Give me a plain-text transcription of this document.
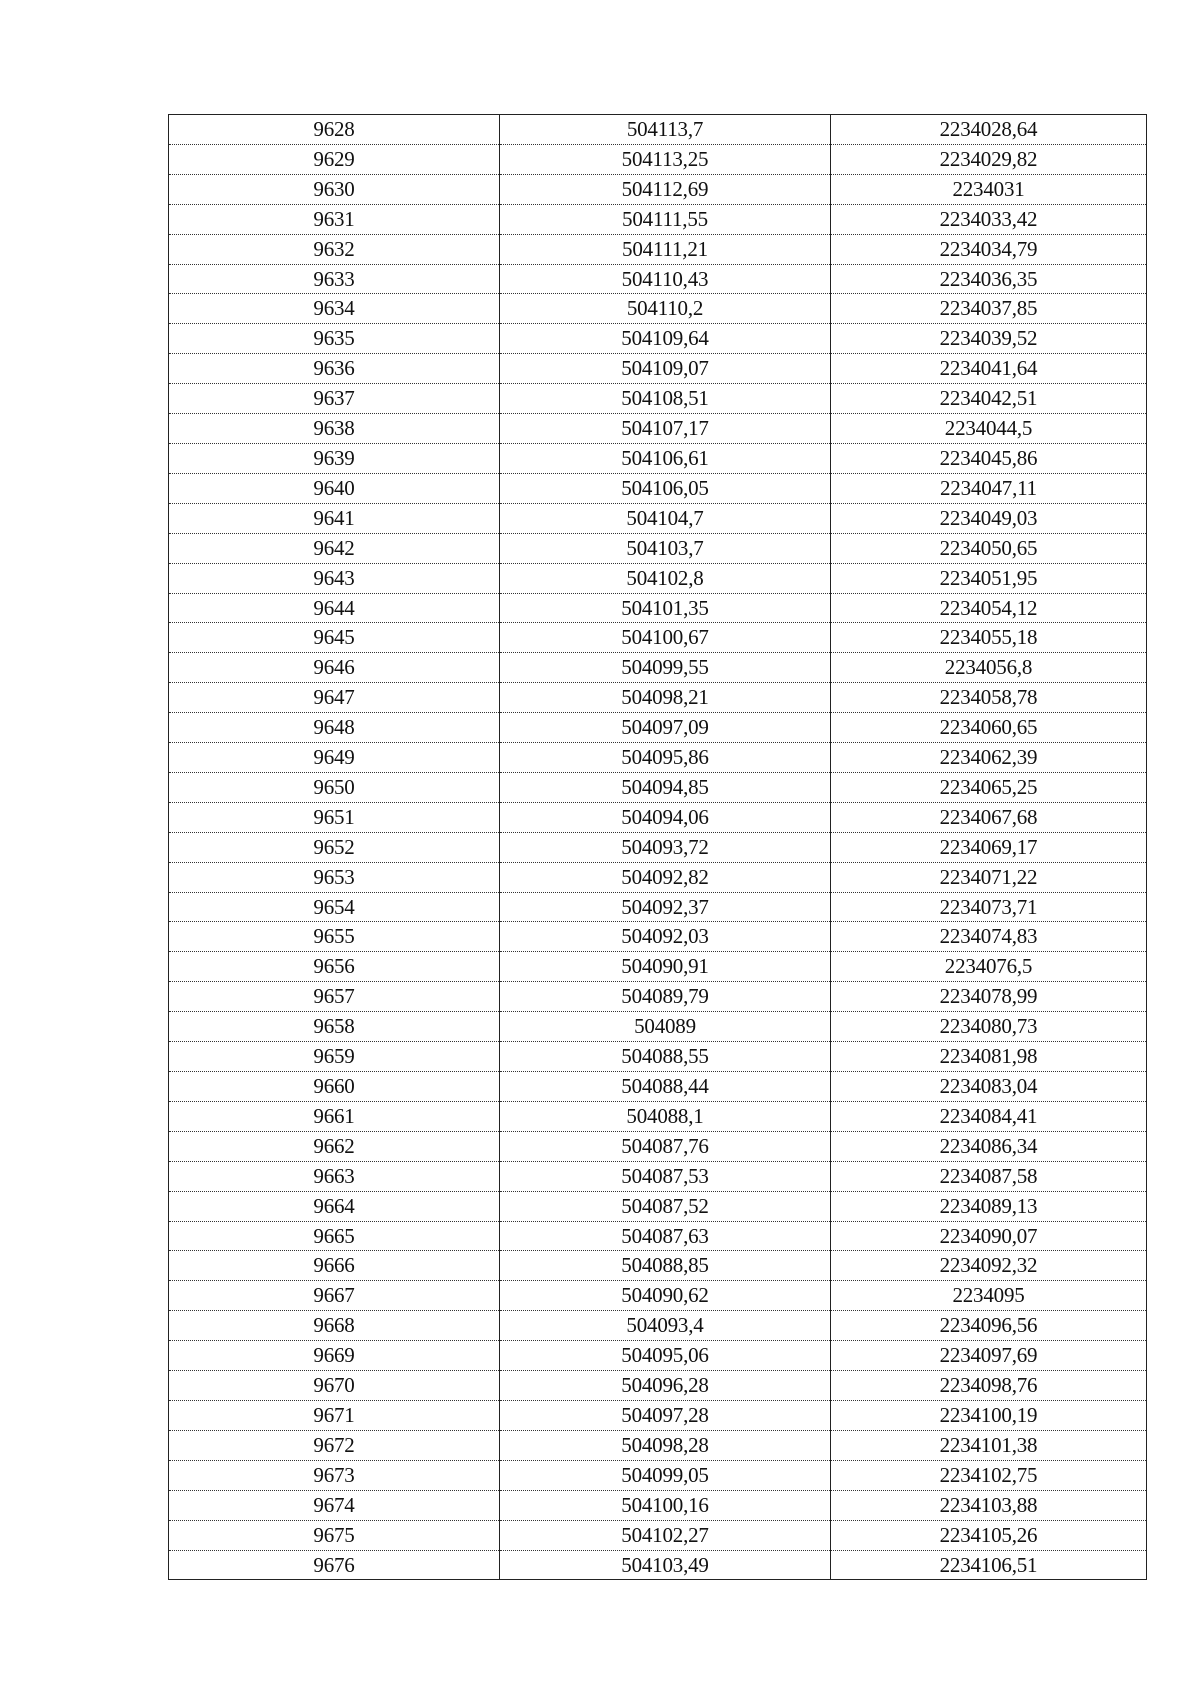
9628	504113,7	2234028,64
9629	504113,25	2234029,82
9630	504112,69	2234031
9631	504111,55	2234033,42
9632	504111,21	2234034,79
9633	504110,43	2234036,35
9634	504110,2	2234037,85
9635	504109,64	2234039,52
9636	504109,07	2234041,64
9637	504108,51	2234042,51
9638	504107,17	2234044,5
9639	504106,61	2234045,86
9640	504106,05	2234047,11
9641	504104,7	2234049,03
9642	504103,7	2234050,65
9643	504102,8	2234051,95
9644	504101,35	2234054,12
9645	504100,67	2234055,18
9646	504099,55	2234056,8
9647	504098,21	2234058,78
9648	504097,09	2234060,65
9649	504095,86	2234062,39
9650	504094,85	2234065,25
9651	504094,06	2234067,68
9652	504093,72	2234069,17
9653	504092,82	2234071,22
9654	504092,37	2234073,71
9655	504092,03	2234074,83
9656	504090,91	2234076,5
9657	504089,79	2234078,99
9658	504089	2234080,73
9659	504088,55	2234081,98
9660	504088,44	2234083,04
9661	504088,1	2234084,41
9662	504087,76	2234086,34
9663	504087,53	2234087,58
9664	504087,52	2234089,13
9665	504087,63	2234090,07
9666	504088,85	2234092,32
9667	504090,62	2234095
9668	504093,4	2234096,56
9669	504095,06	2234097,69
9670	504096,28	2234098,76
9671	504097,28	2234100,19
9672	504098,28	2234101,38
9673	504099,05	2234102,75
9674	504100,16	2234103,88
9675	504102,27	2234105,26
9676	504103,49	2234106,51
